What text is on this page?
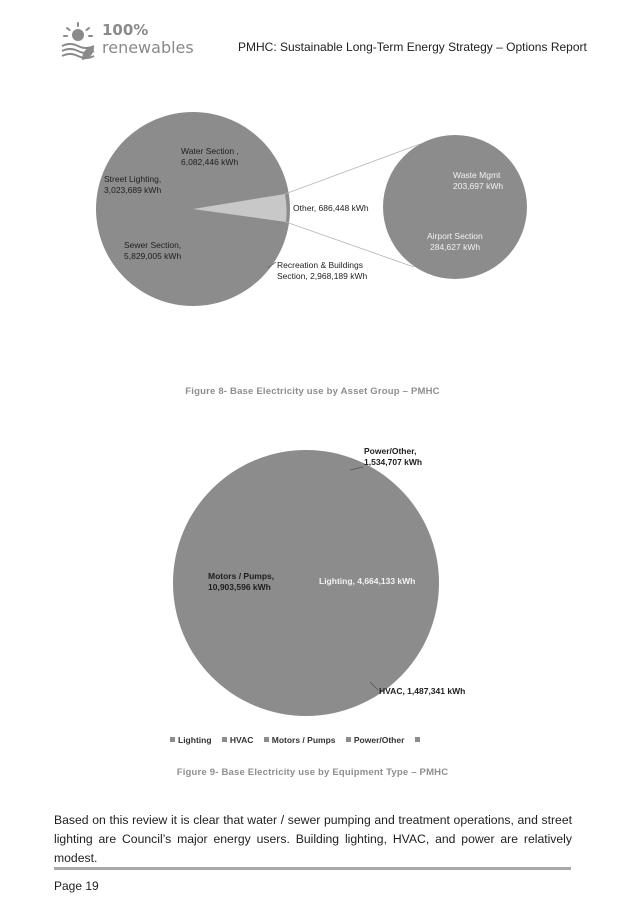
100%
renewables	PMHC: Sustainable Long-Term Energy Strategy – Options Report
Water Section ,
6,082,446 kWh
Street Lighting,
3,023,689 kWh
Sewer Section,
5,829,005 kWh
Other, 686,448 kWh
Recreation & Buildings
Section, 2,968,189 kWh
Waste Mgmt
203,697 kWh
Airport Section
284,627 kWh
Figure 8- Base Electricity use by Asset Group – PMHC
Power/Other,
1,534,707 kWh
Motors / Pumps,
10,903,596 kWh
Lighting, 4,664,133 kWh
HVAC, 1,487,341 kWh
Lighting HVAC Motors / Pumps Power/Other
Figure 9- Base Electricity use by Equipment Type – PMHC
Based on this review it is clear that water / sewer pumping and treatment operations, and street lighting are Council’s major energy users. Building lighting, HVAC, and power are relatively modest.
Page 19
